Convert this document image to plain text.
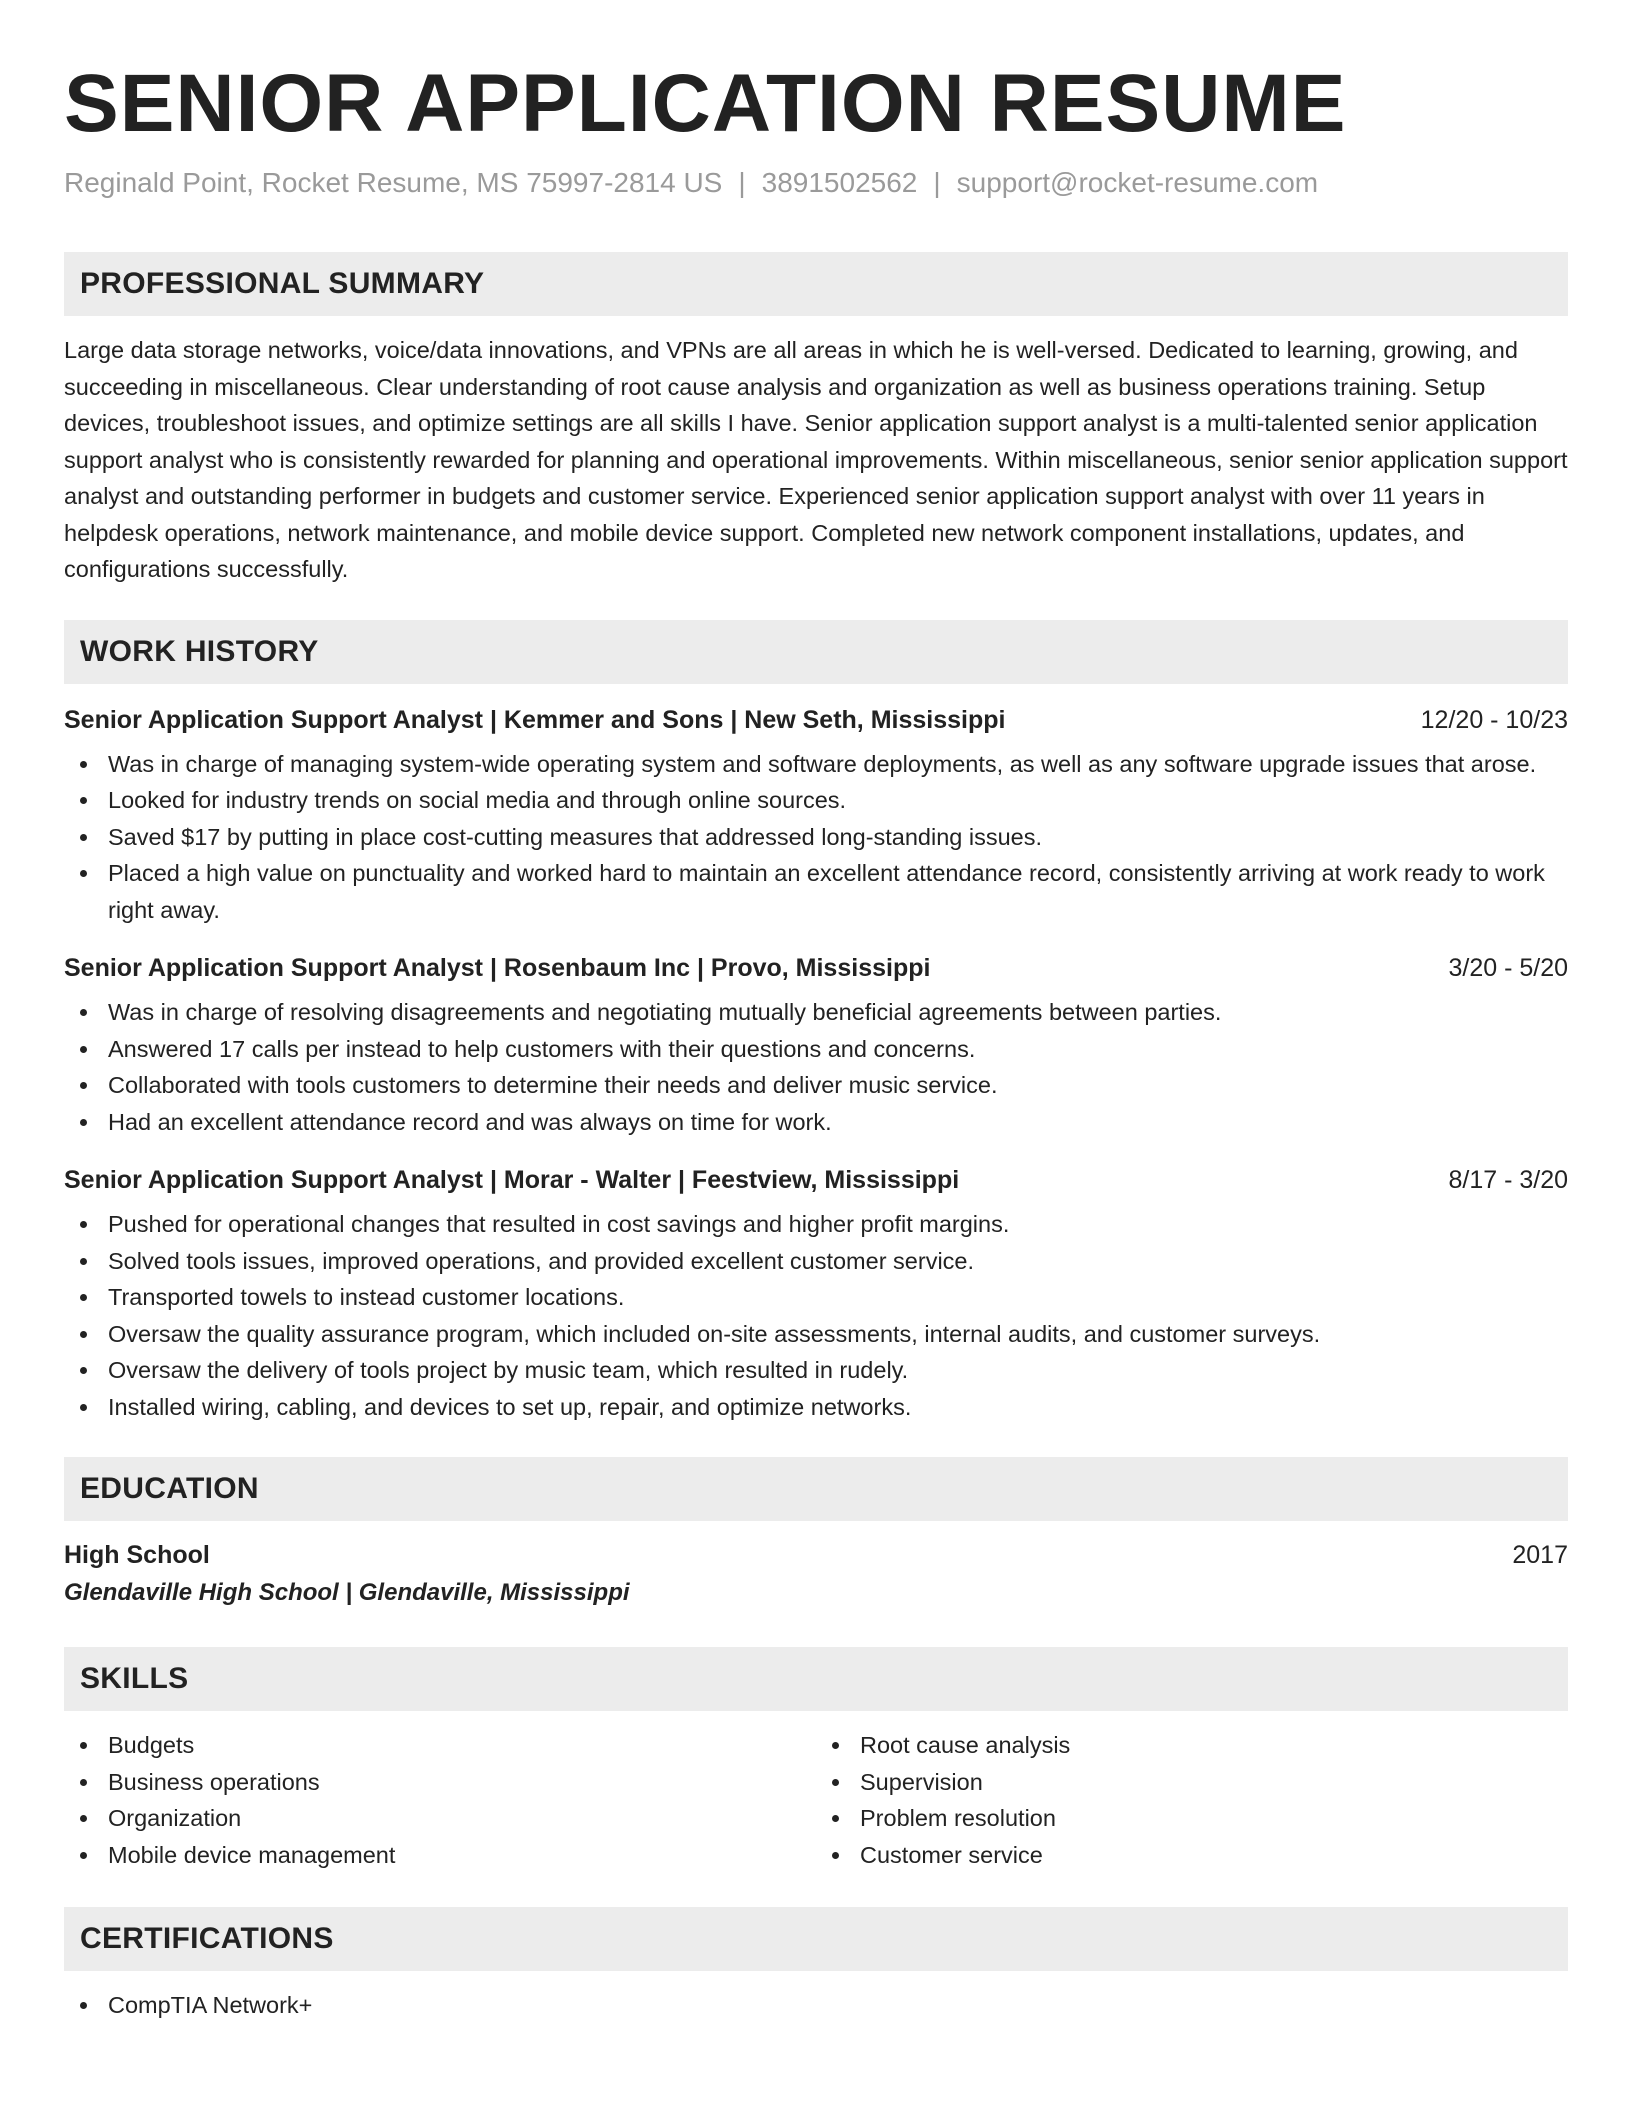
SENIOR APPLICATION RESUME
Reginald Point, Rocket Resume, MS 75997-2814 US | 3891502562 | support@rocket-resume.com
PROFESSIONAL SUMMARY

Large data storage networks, voice/data innovations, and VPNs are all areas in which he is well-versed. Dedicated to learning, growing, and succeeding in miscellaneous. Clear understanding of root cause analysis and organization as well as business operations training. Setup devices, troubleshoot issues, and optimize settings are all skills I have. Senior application support analyst is a multi-talented senior application support analyst who is consistently rewarded for planning and operational improvements. Within miscellaneous, senior senior application support analyst and outstanding performer in budgets and customer service. Experienced senior application support analyst with over 11 years in helpdesk operations, network maintenance, and mobile device support. Completed new network component installations, updates, and configurations successfully.

WORK HISTORY
Senior Application Support Analyst | Kemmer and Sons | New Seth, Mississippi	12/20 - 10/23
Was in charge of managing system-wide operating system and software deployments, as well as any software upgrade issues that arose.
Looked for industry trends on social media and through online sources.
Saved $17 by putting in place cost-cutting measures that addressed long-standing issues.
Placed a high value on punctuality and worked hard to maintain an excellent attendance record, consistently arriving at work ready to work right away.
Senior Application Support Analyst | Rosenbaum Inc | Provo, Mississippi	3/20 - 5/20
Was in charge of resolving disagreements and negotiating mutually beneficial agreements between parties.
Answered 17 calls per instead to help customers with their questions and concerns.
Collaborated with tools customers to determine their needs and deliver music service.
Had an excellent attendance record and was always on time for work.
Senior Application Support Analyst | Morar - Walter | Feestview, Mississippi	8/17 - 3/20
Pushed for operational changes that resulted in cost savings and higher profit margins.
Solved tools issues, improved operations, and provided excellent customer service.
Transported towels to instead customer locations.
Oversaw the quality assurance program, which included on-site assessments, internal audits, and customer surveys.
Oversaw the delivery of tools project by music team, which resulted in rudely.
Installed wiring, cabling, and devices to set up, repair, and optimize networks.
EDUCATION
High School	2017
Glendaville High School | Glendaville, Mississippi
SKILLS
Budgets
Business operations
Organization
Mobile device management
Root cause analysis
Supervision
Problem resolution
Customer service
CERTIFICATIONS
CompTIA Network+
